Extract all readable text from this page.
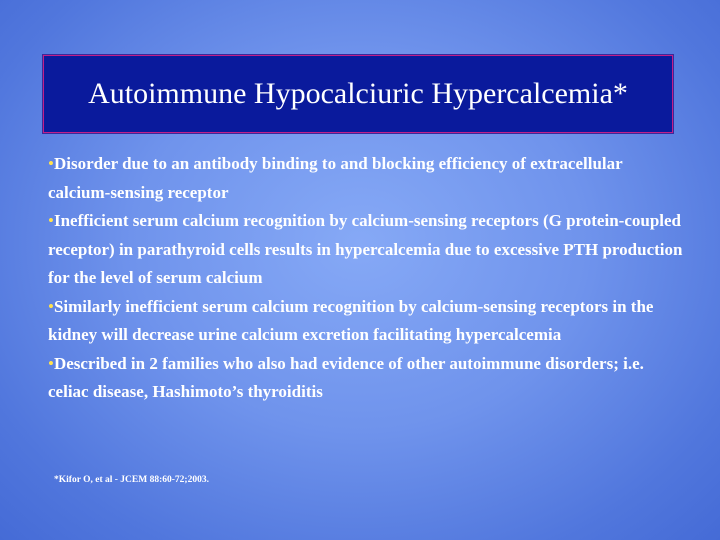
Autoimmune Hypocalciuric Hypercalcemia*

•Disorder due to an antibody binding to and blocking efficiency of extracellular calcium-sensing receptor

•Inefficient serum calcium recognition by calcium-sensing receptors (G protein-coupled receptor) in parathyroid cells results in hypercalcemia due to excessive PTH production for the level of serum calcium

•Similarly inefficient serum calcium recognition by calcium-sensing receptors in the kidney will decrease urine calcium excretion facilitating hypercalcemia

•Described in 2 families who also had evidence of other autoimmune disorders; i.e. celiac disease, Hashimoto’s thyroiditis

*Kifor O, et al - JCEM 88:60-72;2003.
